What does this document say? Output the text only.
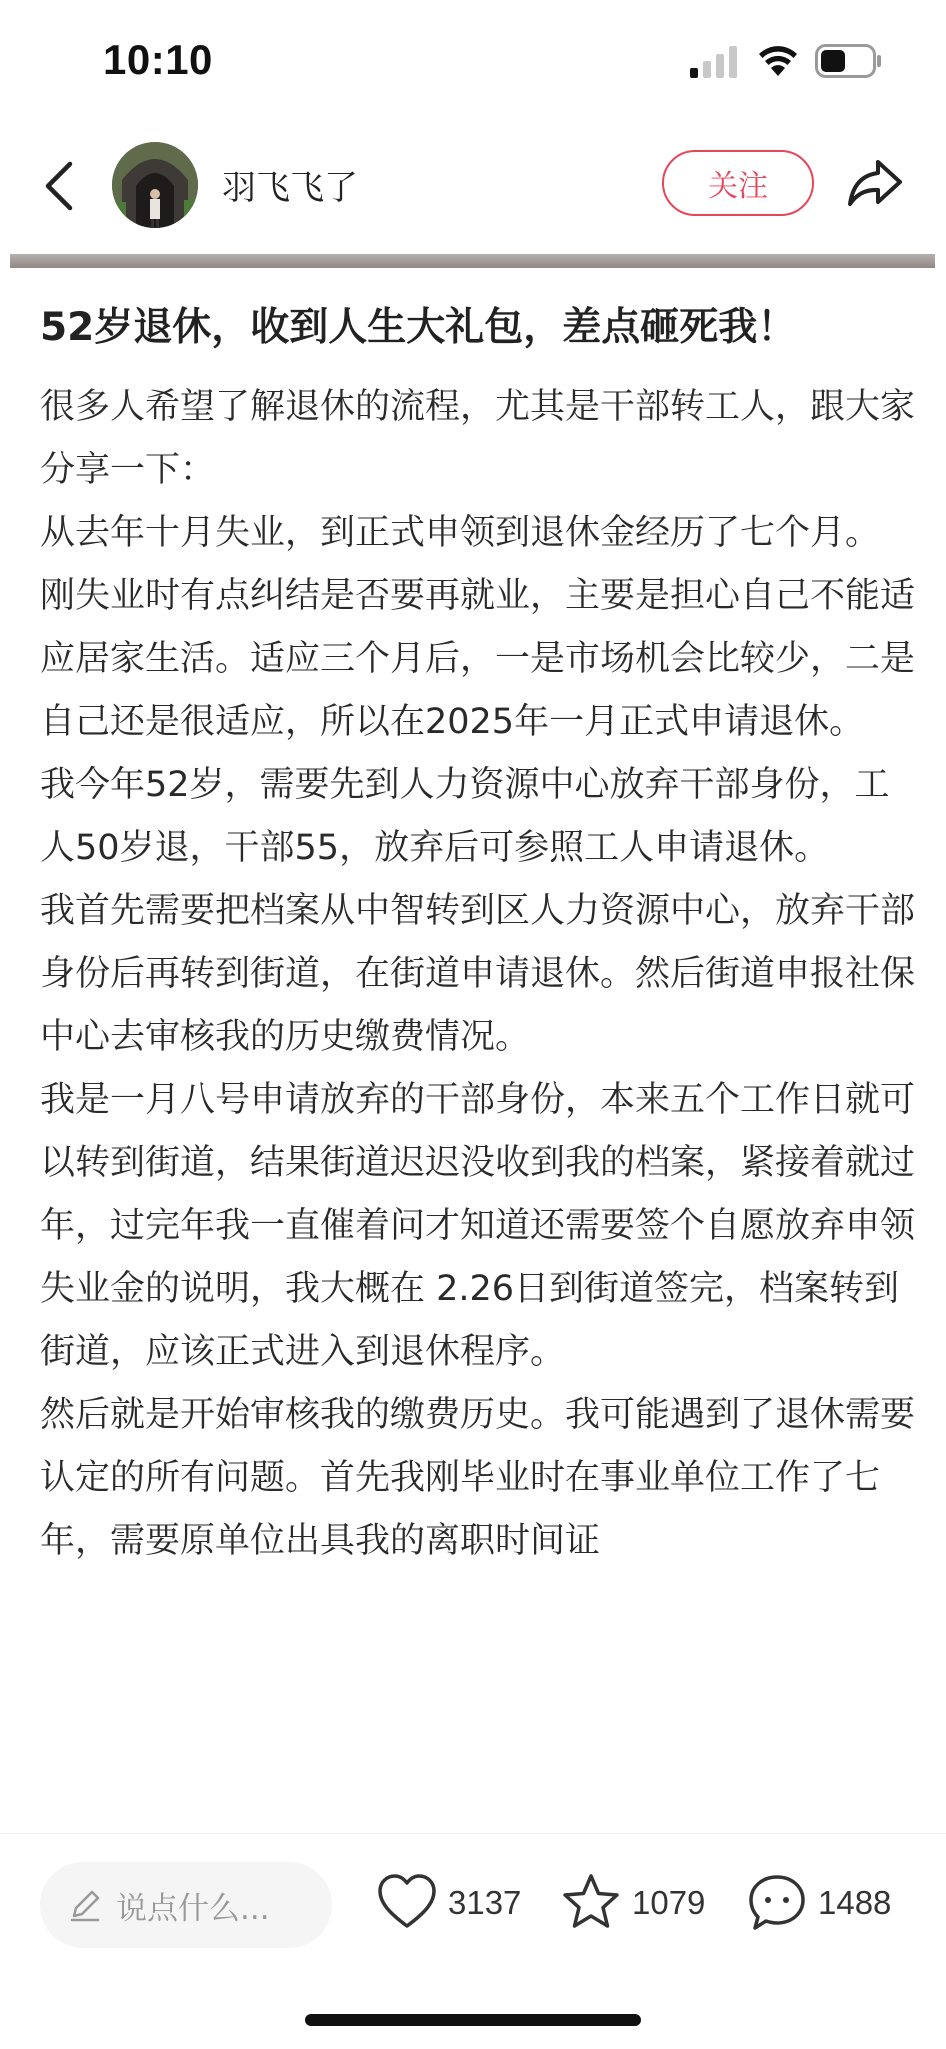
10:10
羽飞飞了	关注
52岁退休，收到人生大礼包，差点砸死我！

很多人希望了解退休的流程，尤其是干部转工人，跟大家分享一下：

从去年十月失业，到正式申领到退休金经历了七个月。

刚失业时有点纠结是否要再就业，主要是担心自己不能适应居家生活。适应三个月后，一是市场机会比较少，二是自己还是很适应，所以在2025年一月正式申请退休。

我今年52岁，需要先到人力资源中心放弃干部身份，工人50岁退，干部55，放弃后可参照工人申请退休。

我首先需要把档案从中智转到区人力资源中心，放弃干部身份后再转到街道，在街道申请退休。然后街道申报社保中心去审核我的历史缴费情况。

我是一月八号申请放弃的干部身份，本来五个工作日就可以转到街道，结果街道迟迟没收到我的档案，紧接着就过年，过完年我一直催着问才知道还需要签个自愿放弃申领失业金的说明，我大概在 2.26日到街道签完，档案转到街道，应该正式进入到退休程序。

然后就是开始审核我的缴费历史。我可能遇到了退休需要认定的所有问题。首先我刚毕业时在事业单位工作了七年，需要原单位出具我的离职时间证

说点什么...	3137	1079	1488
